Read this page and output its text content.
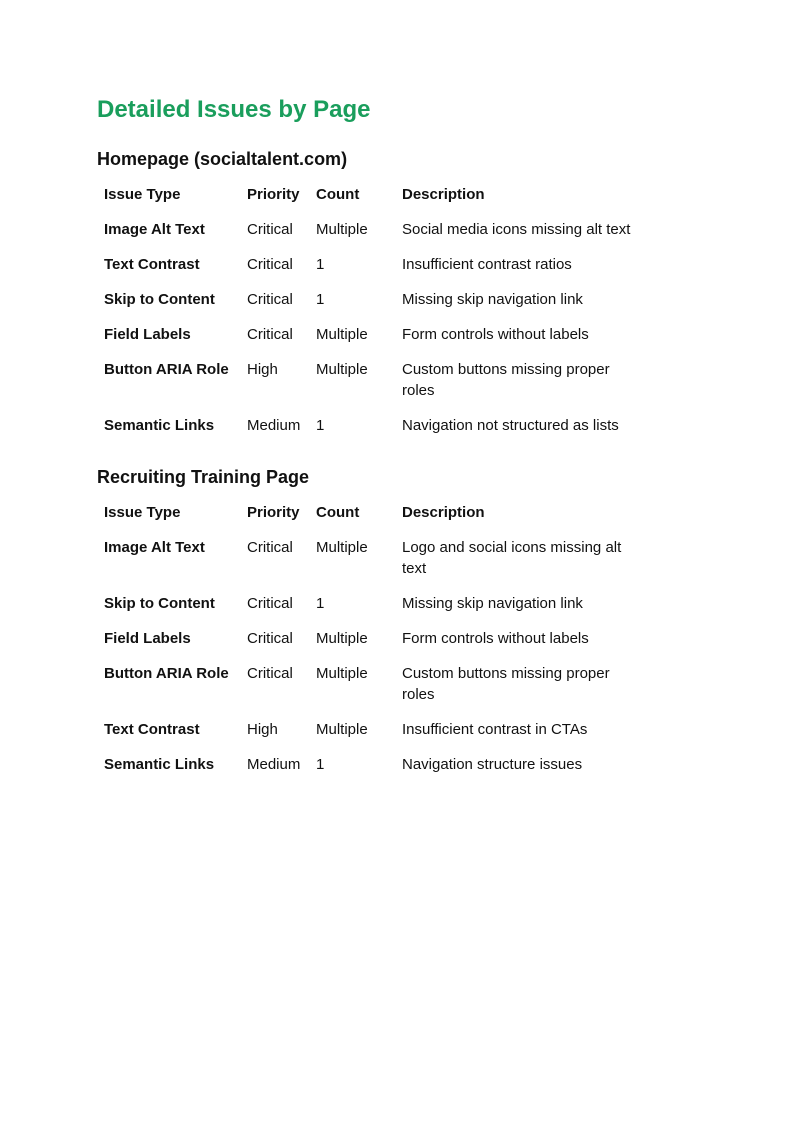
Detailed Issues by Page
Homepage (socialtalent.com)
Issue Type	Priority	Count	Description
Image Alt Text	Critical	Multiple	Social media icons missing alt text
Text Contrast	Critical	1	Insufficient contrast ratios
Skip to Content	Critical	1	Missing skip navigation link
Field Labels	Critical	Multiple	Form controls without labels
Button ARIA Role	High	Multiple	Custom buttons missing proper roles
Semantic Links	Medium	1	Navigation not structured as lists
Recruiting Training Page
Issue Type	Priority	Count	Description
Image Alt Text	Critical	Multiple	Logo and social icons missing alt text
Skip to Content	Critical	1	Missing skip navigation link
Field Labels	Critical	Multiple	Form controls without labels
Button ARIA Role	Critical	Multiple	Custom buttons missing proper roles
Text Contrast	High	Multiple	Insufficient contrast in CTAs
Semantic Links	Medium	1	Navigation structure issues
